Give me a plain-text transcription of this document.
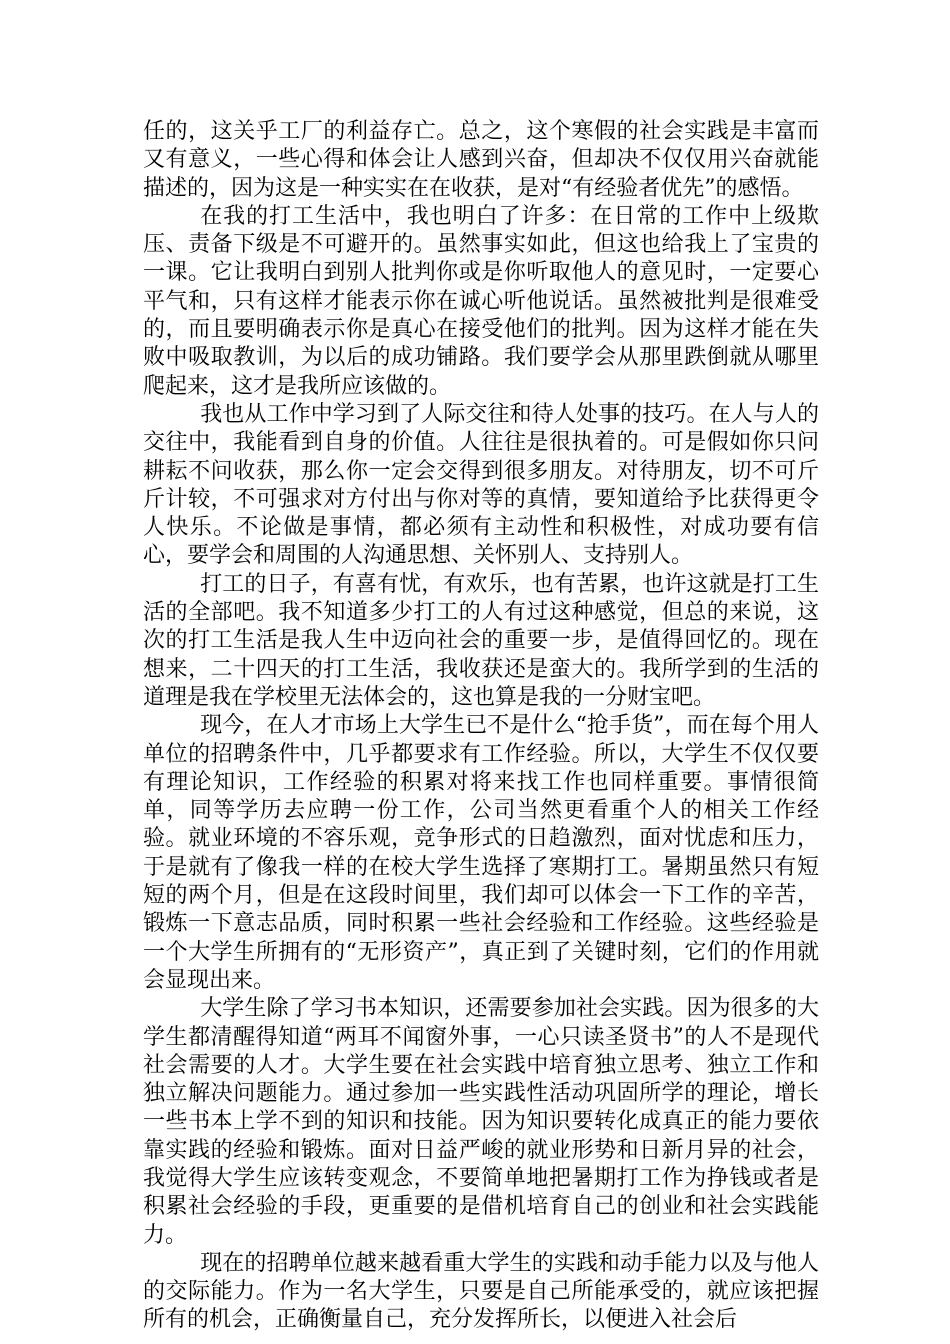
任的，这关乎工厂的利益存亡。总之，这个寒假的社会实践是丰富而又有意义，一些心得和体会让人感到兴奋，但却决不仅仅用兴奋就能描述的，因为这是一种实实在在收获，是对“有经验者优先”的感悟。

在我的打工生活中，我也明白了许多：在日常的工作中上级欺压、责备下级是不可避开的。虽然事实如此，但这也给我上了宝贵的一课。它让我明白到别人批判你或是你听取他人的意见时，一定要心平气和，只有这样才能表示你在诚心听他说话。虽然被批判是很难受的，而且要明确表示你是真心在接受他们的批判。因为这样才能在失败中吸取教训，为以后的成功铺路。我们要学会从那里跌倒就从哪里爬起来，这才是我所应该做的。

我也从工作中学习到了人际交往和待人处事的技巧。在人与人的交往中，我能看到自身的价值。人往往是很执着的。可是假如你只问耕耘不问收获，那么你一定会交得到很多朋友。对待朋友，切不可斤斤计较，不可强求对方付出与你对等的真情，要知道给予比获得更令人快乐。不论做是事情，都必须有主动性和积极性，对成功要有信心，要学会和周围的人沟通思想、关怀别人、支持别人。

打工的日子，有喜有忧，有欢乐，也有苦累，也许这就是打工生活的全部吧。我不知道多少打工的人有过这种感觉，但总的来说，这次的打工生活是我人生中迈向社会的重要一步，是值得回忆的。现在想来，二十四天的打工生活，我收获还是蛮大的。我所学到的生活的道理是我在学校里无法体会的，这也算是我的一分财宝吧。

现今，在人才市场上大学生已不是什么“抢手货”，而在每个用人单位的招聘条件中，几乎都要求有工作经验。所以，大学生不仅仅要有理论知识，工作经验的积累对将来找工作也同样重要。事情很简单，同等学历去应聘一份工作，公司当然更看重个人的相关工作经验。就业环境的不容乐观，竞争形式的日趋激烈，面对忧虑和压力，于是就有了像我一样的在校大学生选择了寒期打工。暑期虽然只有短短的两个月，但是在这段时间里，我们却可以体会一下工作的辛苦，锻炼一下意志品质，同时积累一些社会经验和工作经验。这些经验是一个大学生所拥有的“无形资产”，真正到了关键时刻，它们的作用就会显现出来。

大学生除了学习书本知识，还需要参加社会实践。因为很多的大学生都清醒得知道“两耳不闻窗外事，一心只读圣贤书”的人不是现代社会需要的人才。大学生要在社会实践中培育独立思考、独立工作和独立解决问题能力。通过参加一些实践性活动巩固所学的理论，增长一些书本上学不到的知识和技能。因为知识要转化成真正的能力要依靠实践的经验和锻炼。面对日益严峻的就业形势和日新月异的社会，我觉得大学生应该转变观念，不要简单地把暑期打工作为挣钱或者是积累社会经验的手段，更重要的是借机培育自己的创业和社会实践能力。

现在的招聘单位越来越看重大学生的实践和动手能力以及与他人的交际能力。作为一名大学生，只要是自己所能承受的，就应该把握所有的机会，正确衡量自己，充分发挥所长，以便进入社会后
